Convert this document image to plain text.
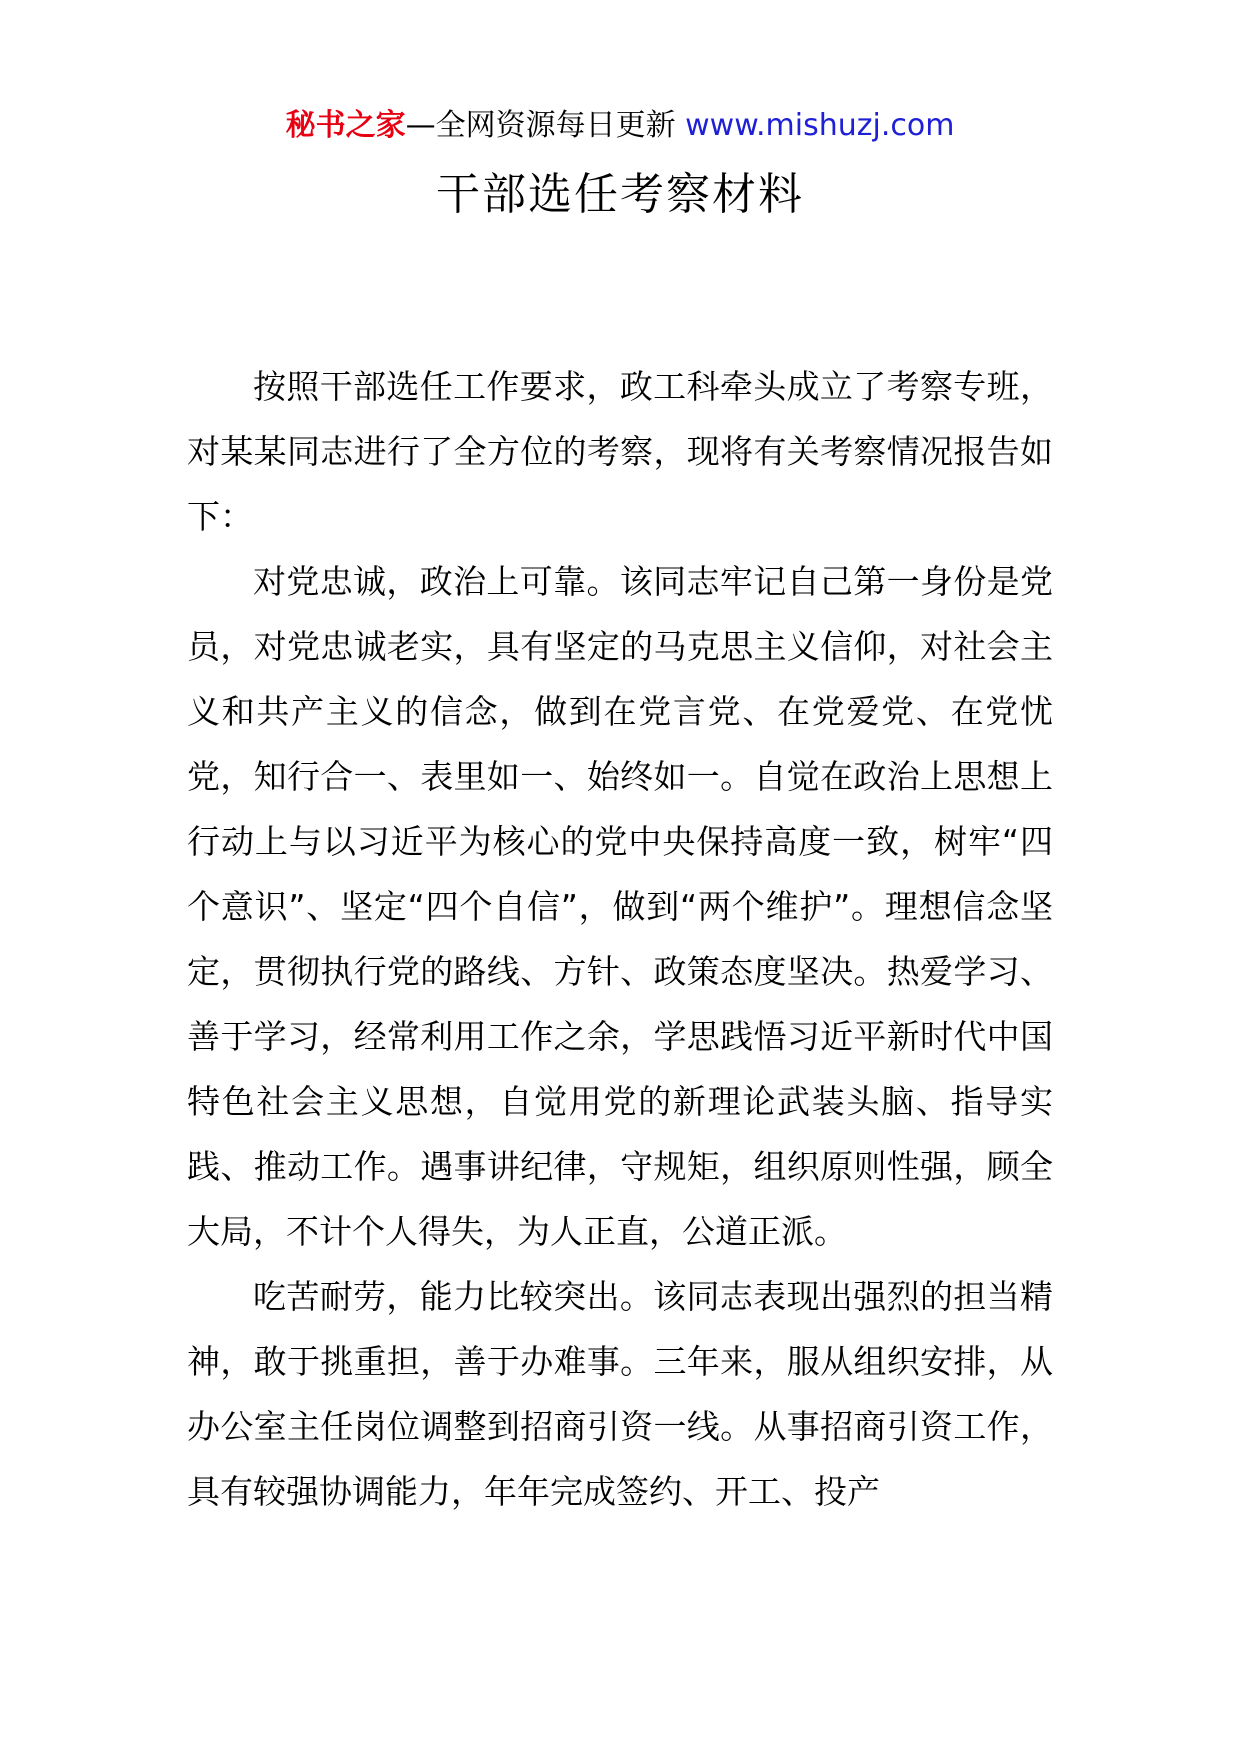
秘书之家—全网资源每日更新 www.mishuzj.com
干部选任考察材料

按照干部选任工作要求，政工科牵头成立了考察专班，对某某同志进行了全方位的考察，现将有关考察情况报告如下：

对党忠诚，政治上可靠。该同志牢记自己第一身份是党员，对党忠诚老实，具有坚定的马克思主义信仰，对社会主义和共产主义的信念，做到在党言党、在党爱党、在党忧党，知行合一、表里如一、始终如一。自觉在政治上思想上行动上与以习近平为核心的党中央保持高度一致，树牢“四个意识”、坚定“四个自信”，做到“两个维护”。理想信念坚定，贯彻执行党的路线、方针、政策态度坚决。热爱学习、善于学习，经常利用工作之余，学思践悟习近平新时代中国特色社会主义思想，自觉用党的新理论武装头脑、指导实践、推动工作。遇事讲纪律，守规矩，组织原则性强，顾全大局，不计个人得失，为人正直，公道正派。

吃苦耐劳，能力比较突出。该同志表现出强烈的担当精神，敢于挑重担，善于办难事。三年来，服从组织安排，从办公室主任岗位调整到招商引资一线。从事招商引资工作，具有较强协调能力，年年完成签约、开工、投产
